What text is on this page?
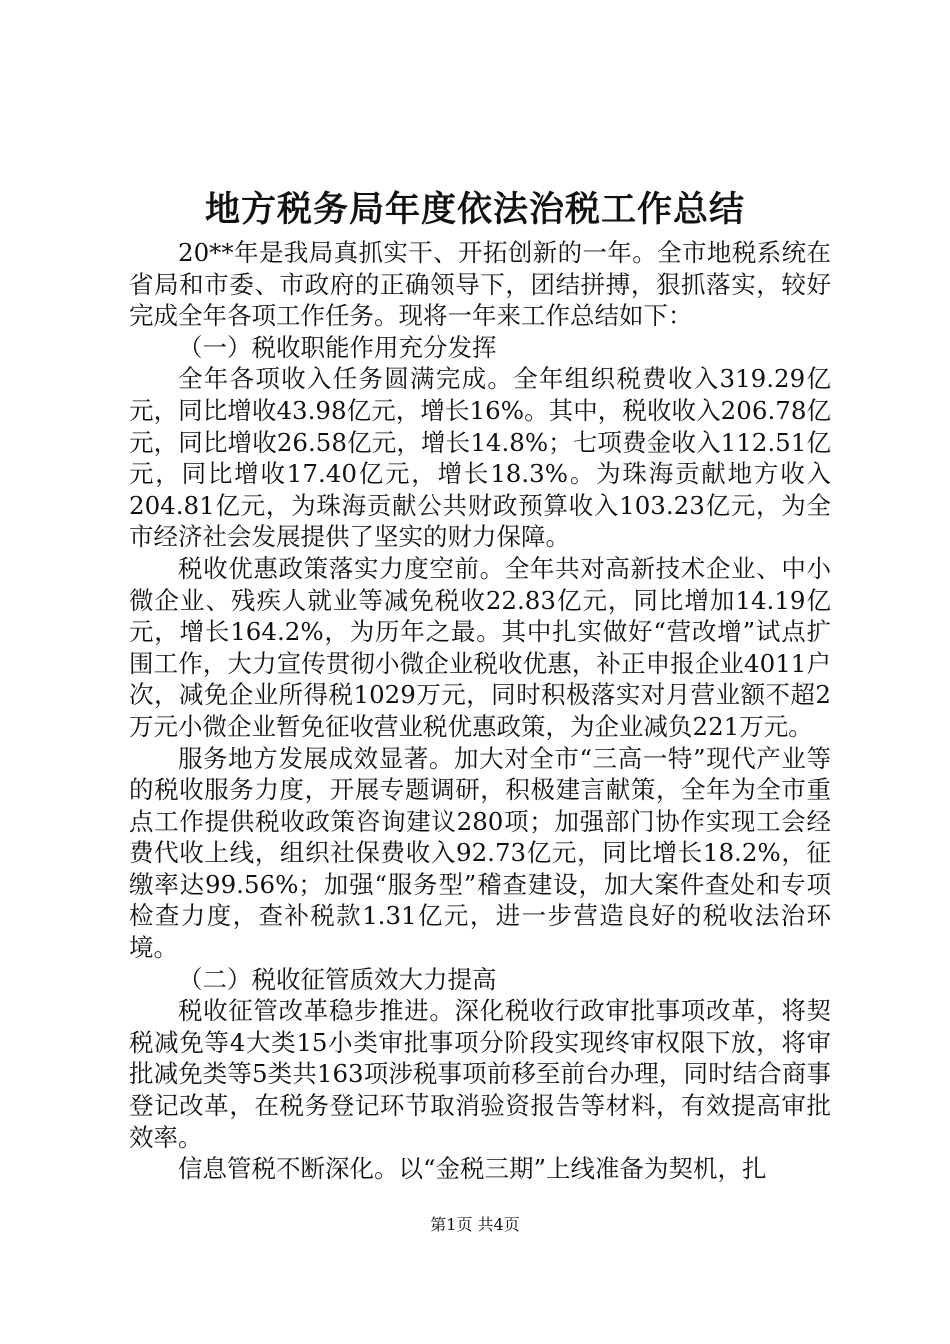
地方税务局年度依法治税工作总结

20**年是我局真抓实干、开拓创新的一年。全市地税系统在省局和市委、市政府的正确领导下，团结拼搏，狠抓落实，较好完成全年各项工作任务。现将一年来工作总结如下：

（一）税收职能作用充分发挥

全年各项收入任务圆满完成。全年组织税费收入319.29亿元，同比增收43.98亿元，增长16%。其中，税收收入206.78亿元，同比增收26.58亿元，增长14.8%；七项费金收入112.51亿元，同比增收17.40亿元，增长18.3%。为珠海贡献地方收入204.81亿元，为珠海贡献公共财政预算收入103.23亿元，为全市经济社会发展提供了坚实的财力保障。

税收优惠政策落实力度空前。全年共对高新技术企业、中小微企业、残疾人就业等减免税收22.83亿元，同比增加14.19亿元，增长164.2%，为历年之最。其中扎实做好“营改增”试点扩围工作，大力宣传贯彻小微企业税收优惠，补正申报企业4011户次，减免企业所得税1029万元，同时积极落实对月营业额不超2万元小微企业暂免征收营业税优惠政策，为企业减负221万元。

服务地方发展成效显著。加大对全市“三高一特”现代产业等的税收服务力度，开展专题调研，积极建言献策，全年为全市重点工作提供税收政策咨询建议280项；加强部门协作实现工会经费代收上线，组织社保费收入92.73亿元，同比增长18.2%，征缴率达99.56%；加强“服务型”稽查建设，加大案件查处和专项检查力度，查补税款1.31亿元，进一步营造良好的税收法治环境。

（二）税收征管质效大力提高

税收征管改革稳步推进。深化税收行政审批事项改革，将契税减免等4大类15小类审批事项分阶段实现终审权限下放，将审批减免类等5类共163项涉税事项前移至前台办理，同时结合商事登记改革，在税务登记环节取消验资报告等材料，有效提高审批效率。

信息管税不断深化。以“金税三期”上线准备为契机，扎

第1页 共4页
